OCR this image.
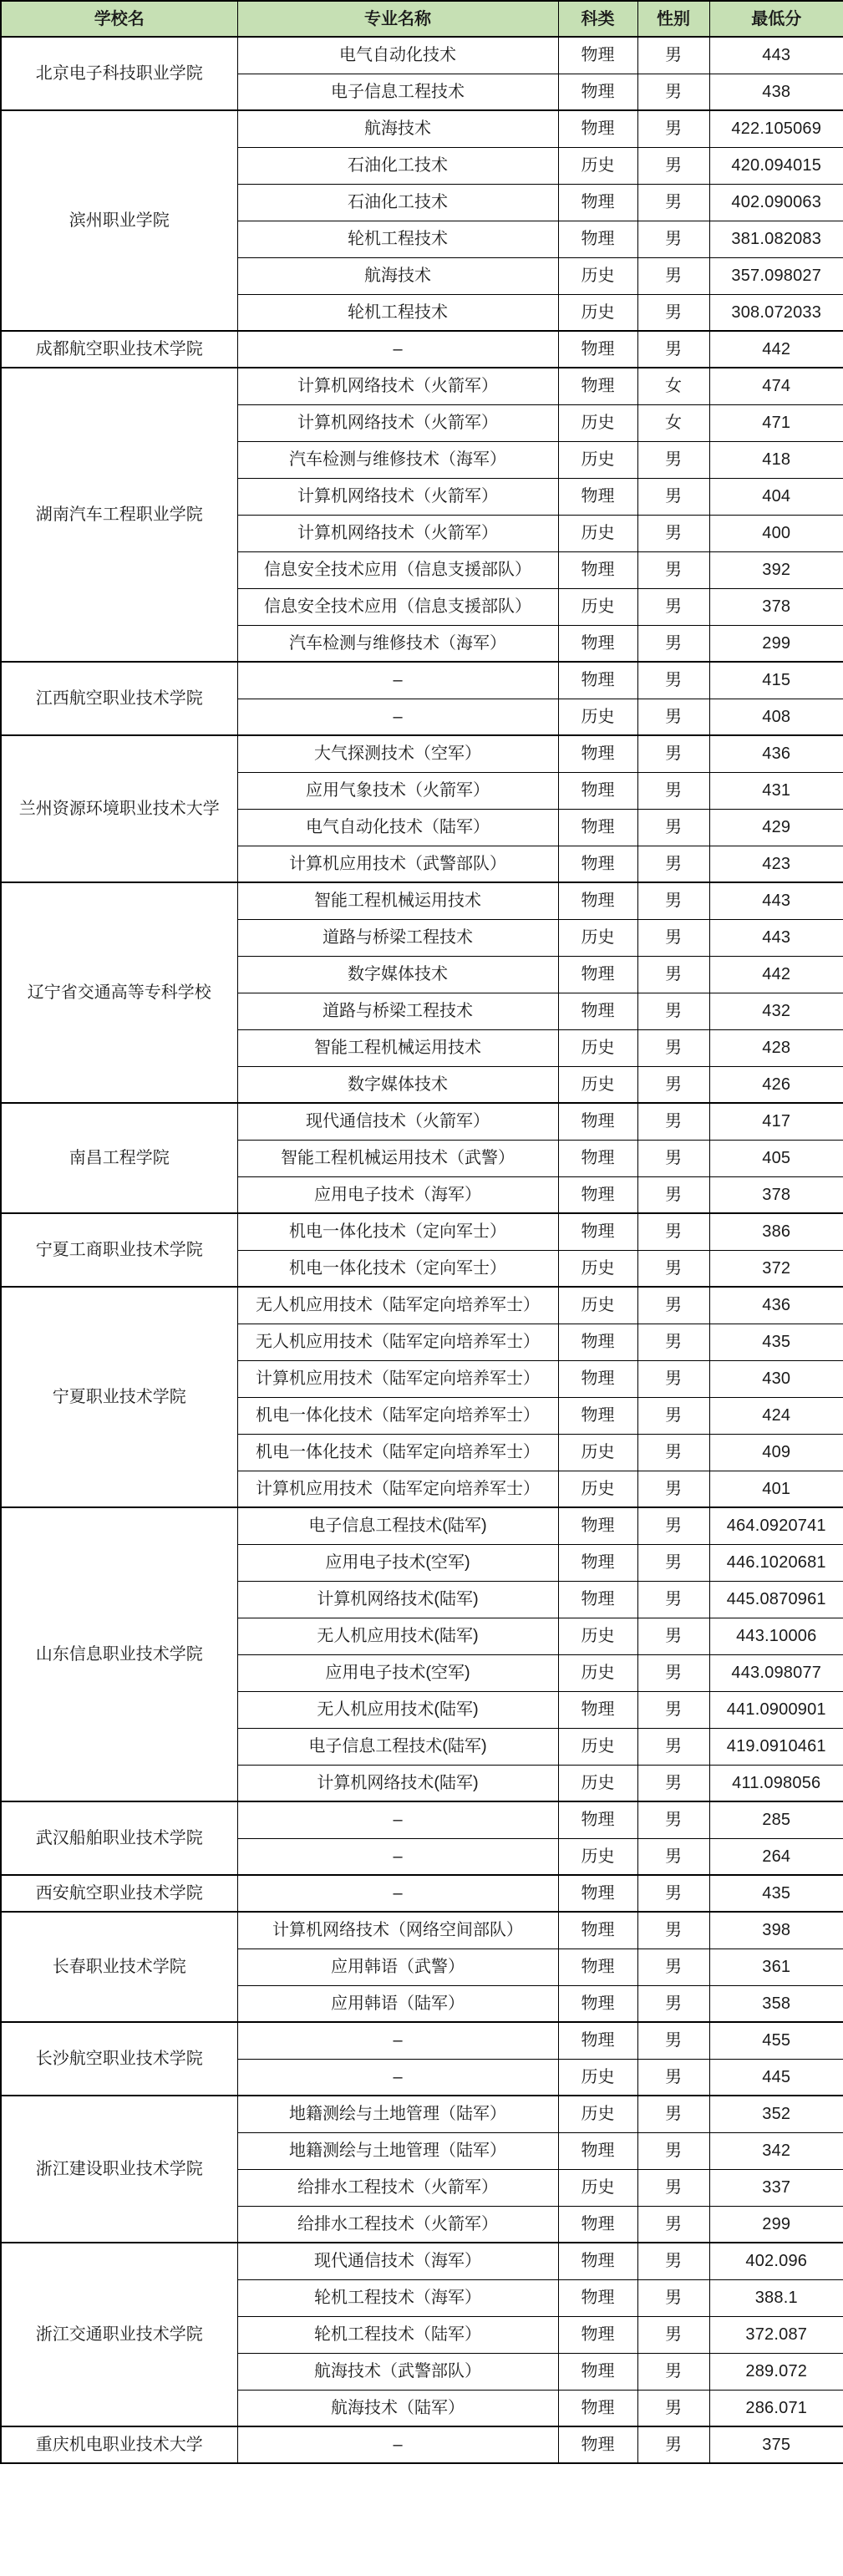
学校名	专业名称	科类	性别	最低分
北京电子科技职业学院	电气自动化技术	物理	男	443
	电子信息工程技术	物理	男	438
滨州职业学院	航海技术	物理	男	422.105069
	石油化工技术	历史	男	420.094015
	石油化工技术	物理	男	402.090063
	轮机工程技术	物理	男	381.082083
	航海技术	历史	男	357.098027
	轮机工程技术	历史	男	308.072033
成都航空职业技术学院	–	物理	男	442
湖南汽车工程职业学院	计算机网络技术（火箭军）	物理	女	474
	计算机网络技术（火箭军）	历史	女	471
	汽车检测与维修技术（海军）	历史	男	418
	计算机网络技术（火箭军）	物理	男	404
	计算机网络技术（火箭军）	历史	男	400
	信息安全技术应用（信息支援部队）	物理	男	392
	信息安全技术应用（信息支援部队）	历史	男	378
	汽车检测与维修技术（海军）	物理	男	299
江西航空职业技术学院	–	物理	男	415
	–	历史	男	408
兰州资源环境职业技术大学	大气探测技术（空军）	物理	男	436
	应用气象技术（火箭军）	物理	男	431
	电气自动化技术（陆军）	物理	男	429
	计算机应用技术（武警部队）	物理	男	423
辽宁省交通高等专科学校	智能工程机械运用技术	物理	男	443
	道路与桥梁工程技术	历史	男	443
	数字媒体技术	物理	男	442
	道路与桥梁工程技术	物理	男	432
	智能工程机械运用技术	历史	男	428
	数字媒体技术	历史	男	426
南昌工程学院	现代通信技术（火箭军）	物理	男	417
	智能工程机械运用技术（武警）	物理	男	405
	应用电子技术（海军）	物理	男	378
宁夏工商职业技术学院	机电一体化技术（定向军士）	物理	男	386
	机电一体化技术（定向军士）	历史	男	372
宁夏职业技术学院	无人机应用技术（陆军定向培养军士）	历史	男	436
	无人机应用技术（陆军定向培养军士）	物理	男	435
	计算机应用技术（陆军定向培养军士）	物理	男	430
	机电一体化技术（陆军定向培养军士）	物理	男	424
	机电一体化技术（陆军定向培养军士）	历史	男	409
	计算机应用技术（陆军定向培养军士）	历史	男	401
山东信息职业技术学院	电子信息工程技术(陆军)	物理	男	464.0920741
	应用电子技术(空军)	物理	男	446.1020681
	计算机网络技术(陆军)	物理	男	445.0870961
	无人机应用技术(陆军)	历史	男	443.10006
	应用电子技术(空军)	历史	男	443.098077
	无人机应用技术(陆军)	物理	男	441.0900901
	电子信息工程技术(陆军)	历史	男	419.0910461
	计算机网络技术(陆军)	历史	男	411.098056
武汉船舶职业技术学院	–	物理	男	285
	–	历史	男	264
西安航空职业技术学院	–	物理	男	435
长春职业技术学院	计算机网络技术（网络空间部队）	物理	男	398
	应用韩语（武警）	物理	男	361
	应用韩语（陆军）	物理	男	358
长沙航空职业技术学院	–	物理	男	455
	–	历史	男	445
浙江建设职业技术学院	地籍测绘与土地管理（陆军）	历史	男	352
	地籍测绘与土地管理（陆军）	物理	男	342
	给排水工程技术（火箭军）	历史	男	337
	给排水工程技术（火箭军）	物理	男	299
浙江交通职业技术学院	现代通信技术（海军）	物理	男	402.096
	轮机工程技术（海军）	物理	男	388.1
	轮机工程技术（陆军）	物理	男	372.087
	航海技术（武警部队）	物理	男	289.072
	航海技术（陆军）	物理	男	286.071
重庆机电职业技术大学	–	物理	男	375
